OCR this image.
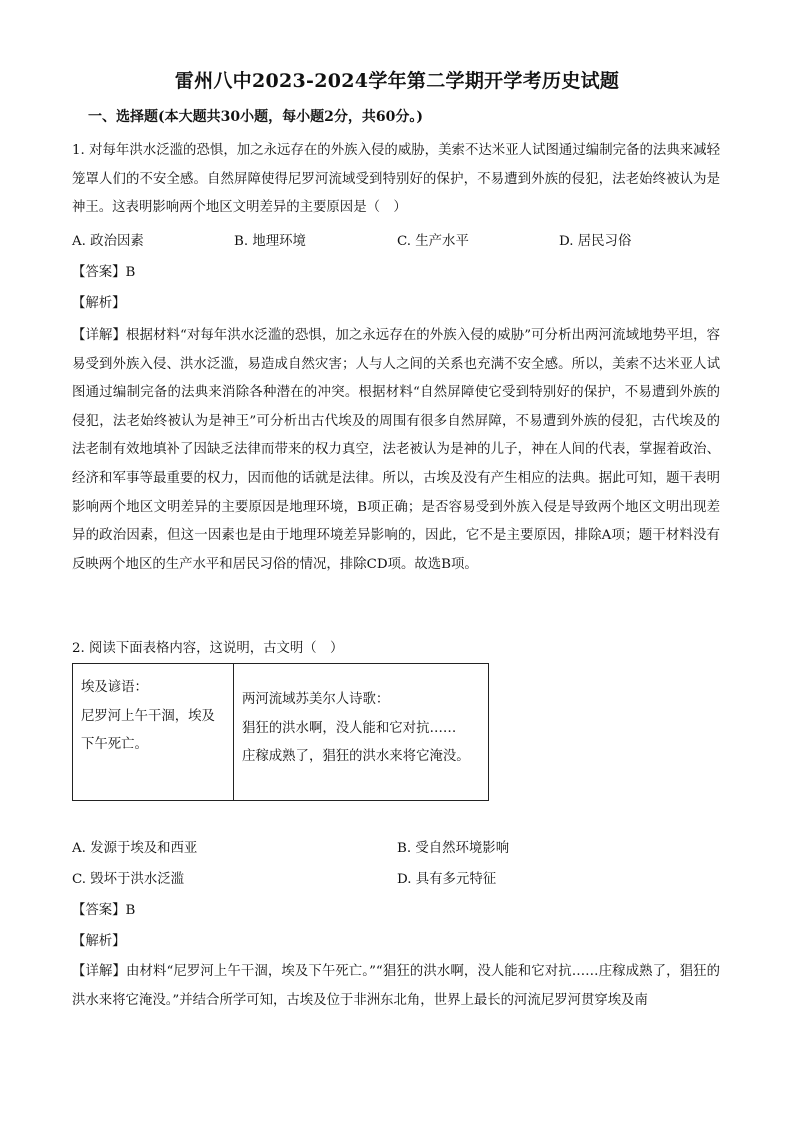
雷州八中2023-2024学年第二学期开学考历史试题
一、选择题(本大题共30小题，每小题2分，共60分。)

1. 对每年洪水泛滥的恐惧，加之永远存在的外族入侵的威胁，美索不达米亚人试图通过编制完备的法典来减轻笼罩人们的不安全感。自然屏障使得尼罗河流域受到特别好的保护，不易遭到外族的侵犯，法老始终被认为是神王。这表明影响两个地区文明差异的主要原因是（　）

A. 政治因素	B. 地理环境	C. 生产水平	D. 居民习俗
【答案】B
【解析】

【详解】根据材料“对每年洪水泛滥的恐惧，加之永远存在的外族入侵的威胁”可分析出两河流域地势平坦，容易受到外族入侵、洪水泛滥，易造成自然灾害；人与人之间的关系也充满不安全感。所以，美索不达米亚人试图通过编制完备的法典来消除各种潜在的冲突。根据材料“自然屏障使它受到特别好的保护，不易遭到外族的侵犯，法老始终被认为是神王”可分析出古代埃及的周围有很多自然屏障，不易遭到外族的侵犯，古代埃及的法老制有效地填补了因缺乏法律而带来的权力真空，法老被认为是神的儿子，神在人间的代表，掌握着政治、经济和军事等最重要的权力，因而他的话就是法律。所以，古埃及没有产生相应的法典。据此可知，题干表明影响两个地区文明差异的主要原因是地理环境，B项正确；是否容易受到外族入侵是导致两个地区文明出现差异的政治因素，但这一因素也是由于地理环境差异影响的，因此，它不是主要原因，排除A项；题干材料没有反映两个地区的生产水平和居民习俗的情况，排除CD项。故选B项。

2. 阅读下面表格内容，这说明，古文明（　）
埃及谚语：
尼罗河上午干涸，埃及
下午死亡。

两河流域苏美尔人诗歌：
猖狂的洪水啊，没人能和它对抗……
庄稼成熟了，猖狂的洪水来将它淹没。
A. 发源于埃及和西亚	B. 受自然环境影响
C. 毁坏于洪水泛滥	D. 具有多元特征
【答案】B
【解析】

【详解】由材料“尼罗河上午干涸，埃及下午死亡。”“猖狂的洪水啊，没人能和它对抗……庄稼成熟了，猖狂的洪水来将它淹没。”并结合所学可知，古埃及位于非洲东北角，世界上最长的河流尼罗河贯穿埃及南
